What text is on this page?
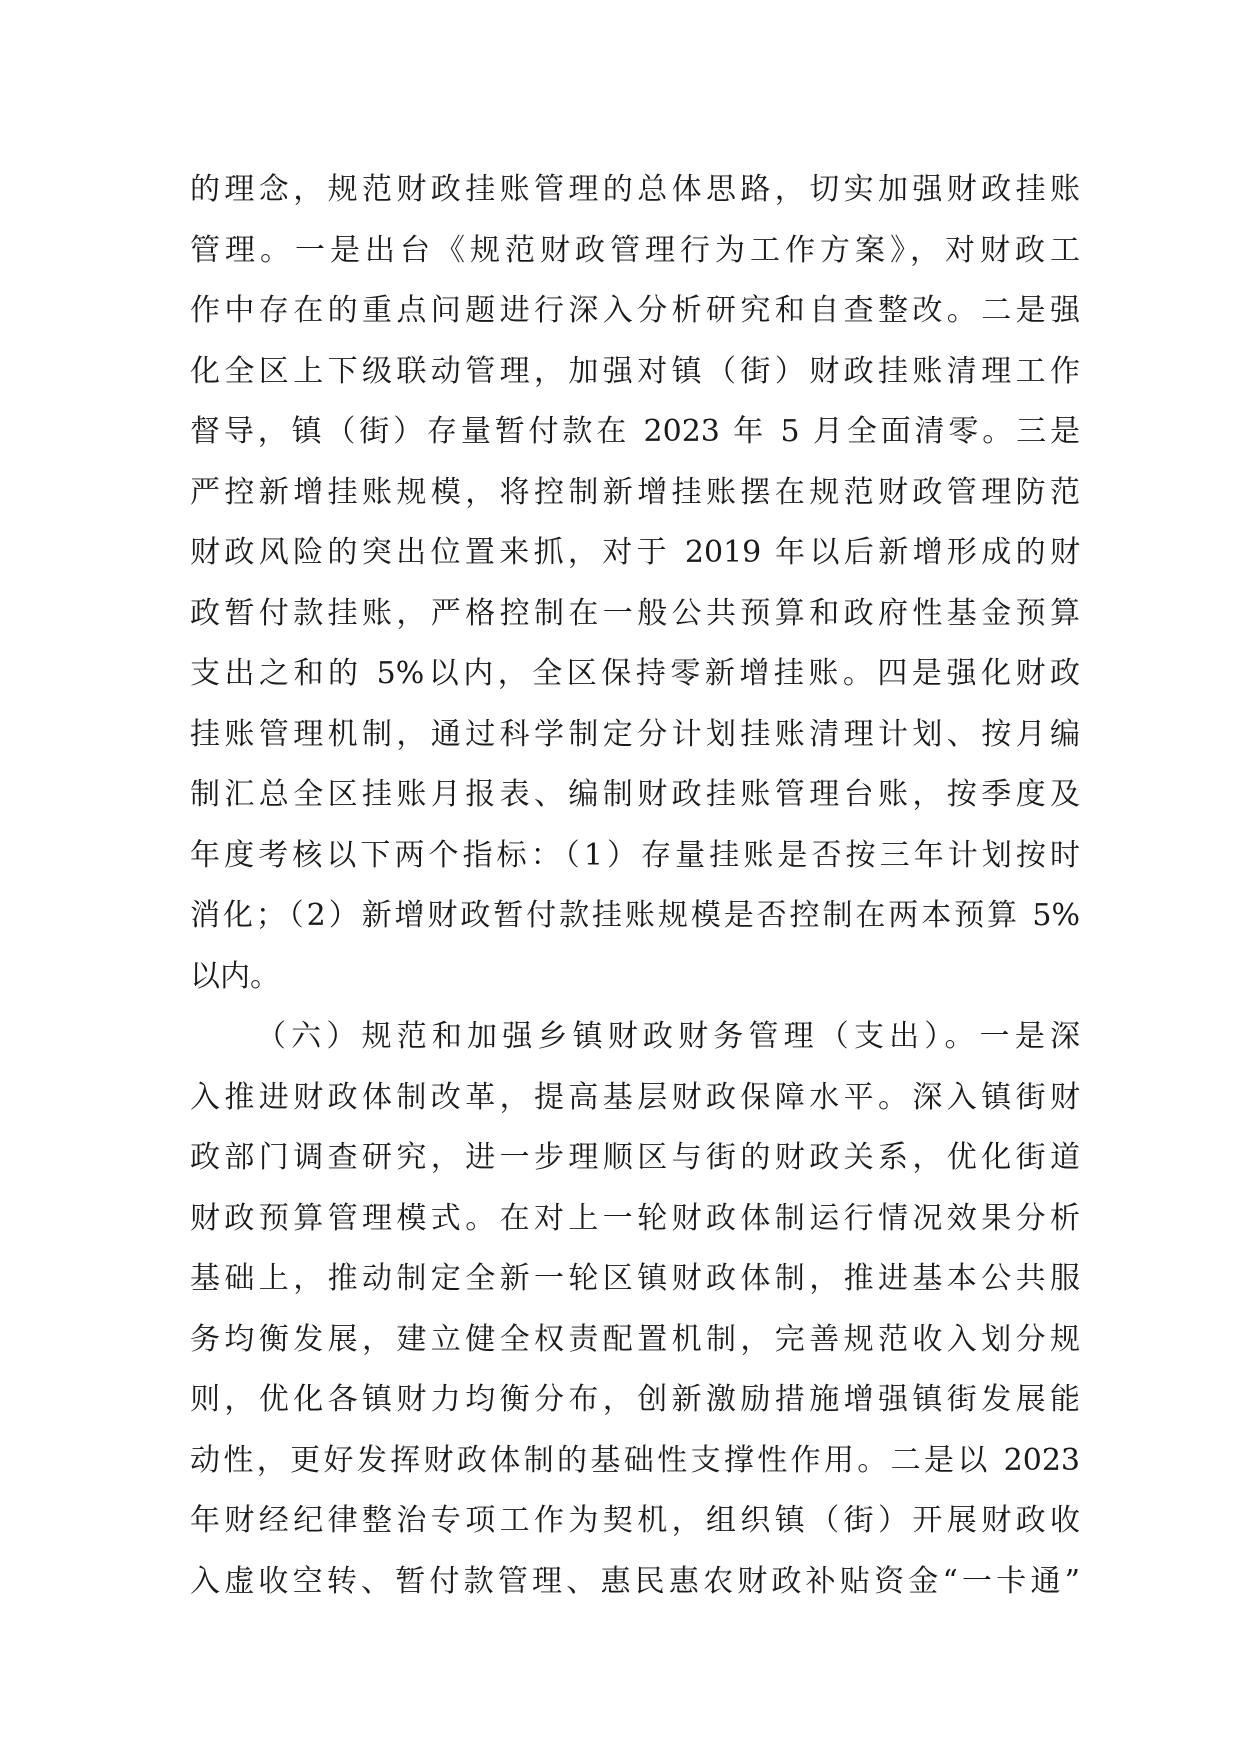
的理念，规范财政挂账管理的总体思路，切实加强财政挂账
管理。一是出台《规范财政管理行为工作方案》，对财政工
作中存在的重点问题进行深入分析研究和自查整改。二是强
化全区上下级联动管理，加强对镇（街）财政挂账清理工作
督导，镇（街）存量暂付款在 2023 年 5 月全面清零。三是
严控新增挂账规模，将控制新增挂账摆在规范财政管理防范
财政风险的突出位置来抓，对于 2019 年以后新增形成的财
政暂付款挂账，严格控制在一般公共预算和政府性基金预算
支出之和的 5%以内，全区保持零新增挂账。四是强化财政
挂账管理机制，通过科学制定分计划挂账清理计划、按月编
制汇总全区挂账月报表、编制财政挂账管理台账，按季度及
年度考核以下两个指标：（1）存量挂账是否按三年计划按时
消化；（2）新增财政暂付款挂账规模是否控制在两本预算 5%
以内。
（六）规范和加强乡镇财政财务管理（支出）。一是深
入推进财政体制改革，提高基层财政保障水平。深入镇街财
政部门调查研究，进一步理顺区与街的财政关系，优化街道
财政预算管理模式。在对上一轮财政体制运行情况效果分析
基础上，推动制定全新一轮区镇财政体制，推进基本公共服
务均衡发展，建立健全权责配置机制，完善规范收入划分规
则，优化各镇财力均衡分布，创新激励措施增强镇街发展能
动性，更好发挥财政体制的基础性支撑性作用。二是以 2023
年财经纪律整治专项工作为契机，组织镇（街）开展财政收
入虚收空转、暂付款管理、惠民惠农财政补贴资金“一卡通”
